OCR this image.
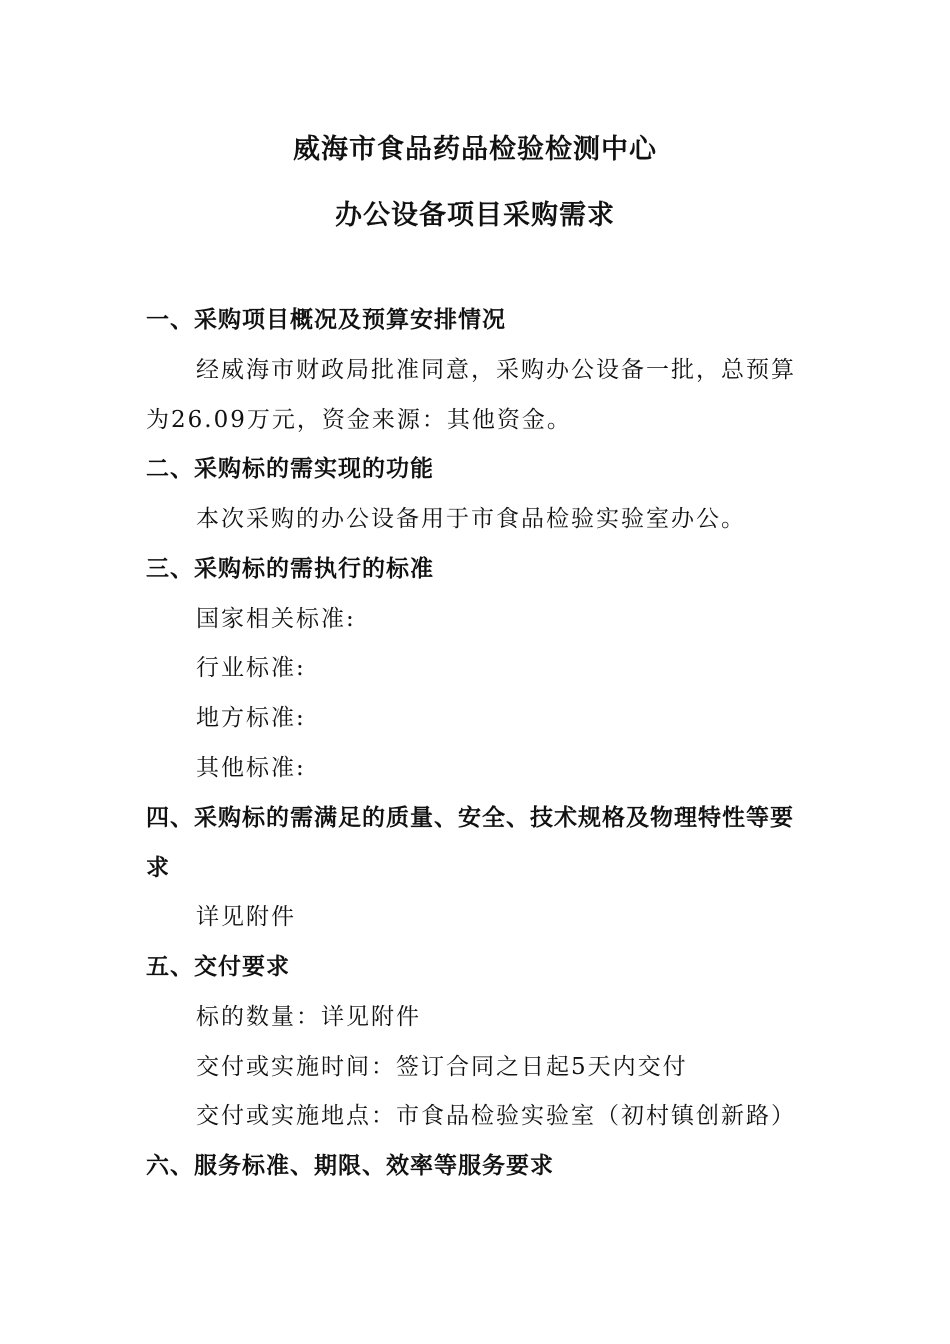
威海市食品药品检验检测中心
办公设备项目采购需求
一、采购项目概况及预算安排情况
经威海市财政局批准同意，采购办公设备一批，总预算为26.09万元，资金来源：其他资金。
二、采购标的需实现的功能
本次采购的办公设备用于市食品检验实验室办公。
三、采购标的需执行的标准
国家相关标准:
行业标准:
地方标准:
其他标准:
四、采购标的需满足的质量、安全、技术规格及物理特性等要求
详见附件
五、交付要求
标的数量：详见附件
交付或实施时间：签订合同之日起5天内交付
交付或实施地点：市食品检验实验室（初村镇创新路）
六、服务标准、期限、效率等服务要求
